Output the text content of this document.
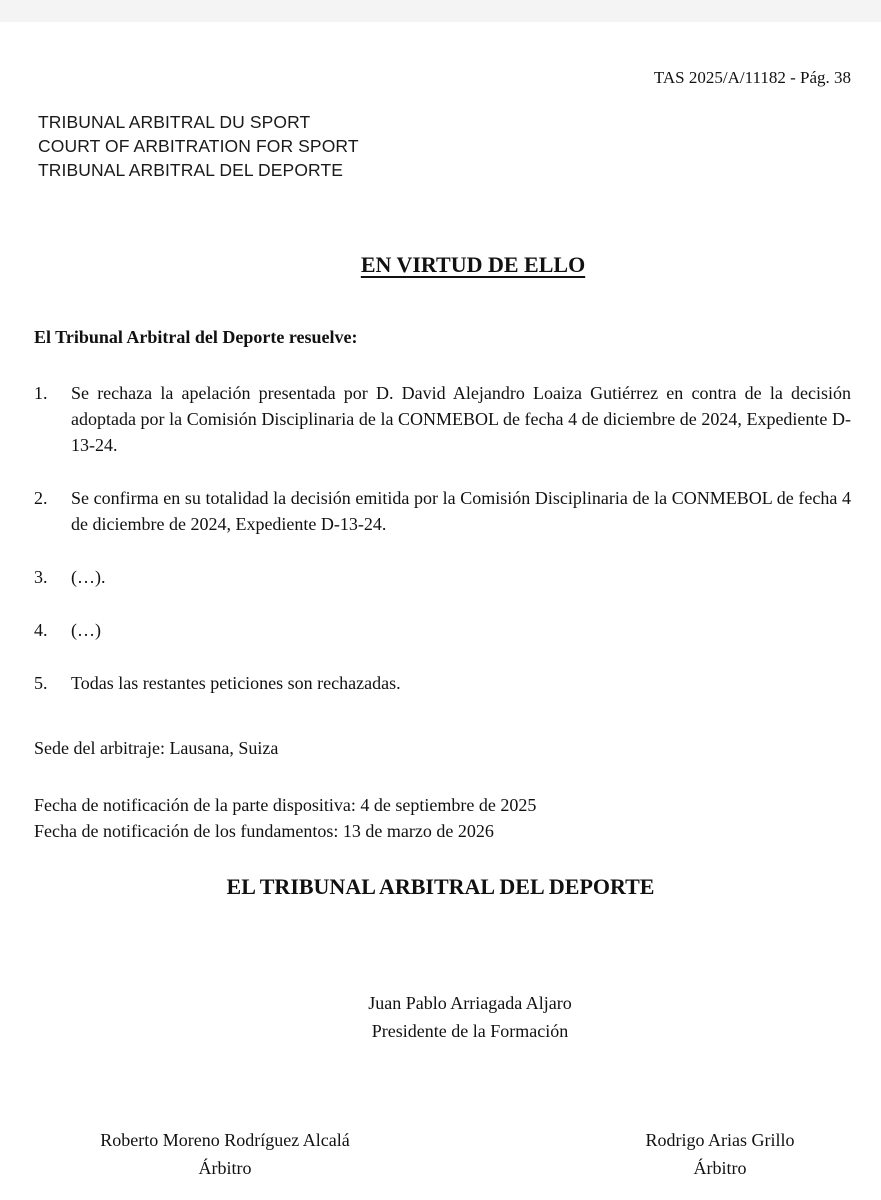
TAS 2025/A/11182 - Pág. 38
TRIBUNAL ARBITRAL DU SPORT
COURT OF ARBITRATION FOR SPORT
TRIBUNAL ARBITRAL DEL DEPORTE
EN VIRTUD DE ELLO
El Tribunal Arbitral del Deporte resuelve:
1.	Se rechaza la apelación presentada por D. David Alejandro Loaiza Gutiérrez en contra de la decisión adoptada por la Comisión Disciplinaria de la CONMEBOL de fecha 4 de diciembre de 2024, Expediente D-13-24.
2.	Se confirma en su totalidad la decisión emitida por la Comisión Disciplinaria de la CONMEBOL de fecha 4 de diciembre de 2024, Expediente D-13-24.
3.	(…).
4.	(…)
5.	Todas las restantes peticiones son rechazadas.
Sede del arbitraje: Lausana, Suiza
Fecha de notificación de la parte dispositiva: 4 de septiembre de 2025
Fecha de notificación de los fundamentos: 13 de marzo de 2026
EL TRIBUNAL ARBITRAL DEL DEPORTE
Juan Pablo Arriagada Aljaro
Presidente de la Formación
Roberto Moreno Rodríguez Alcalá
Árbitro
Rodrigo Arias Grillo
Árbitro
